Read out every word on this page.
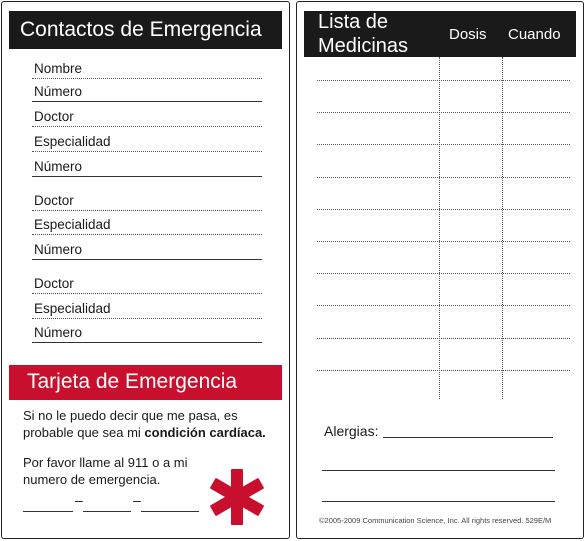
Contactos de Emergencia
Nombre
Número
Doctor
Especialidad
Número
Doctor
Especialidad
Número
Doctor
Especialidad
Número
Tarjeta de Emergencia
Si no le puedo decir que me pasa, es
probable que sea mi condición cardíaca.
Por favor llame al 911 o a mi
numero de emergencia.
–	–
Lista de
Medicinas
Dosis Cuando
Alergias:
©2005-2009 Communication Science, Inc. All rights reserved. 529E/M
